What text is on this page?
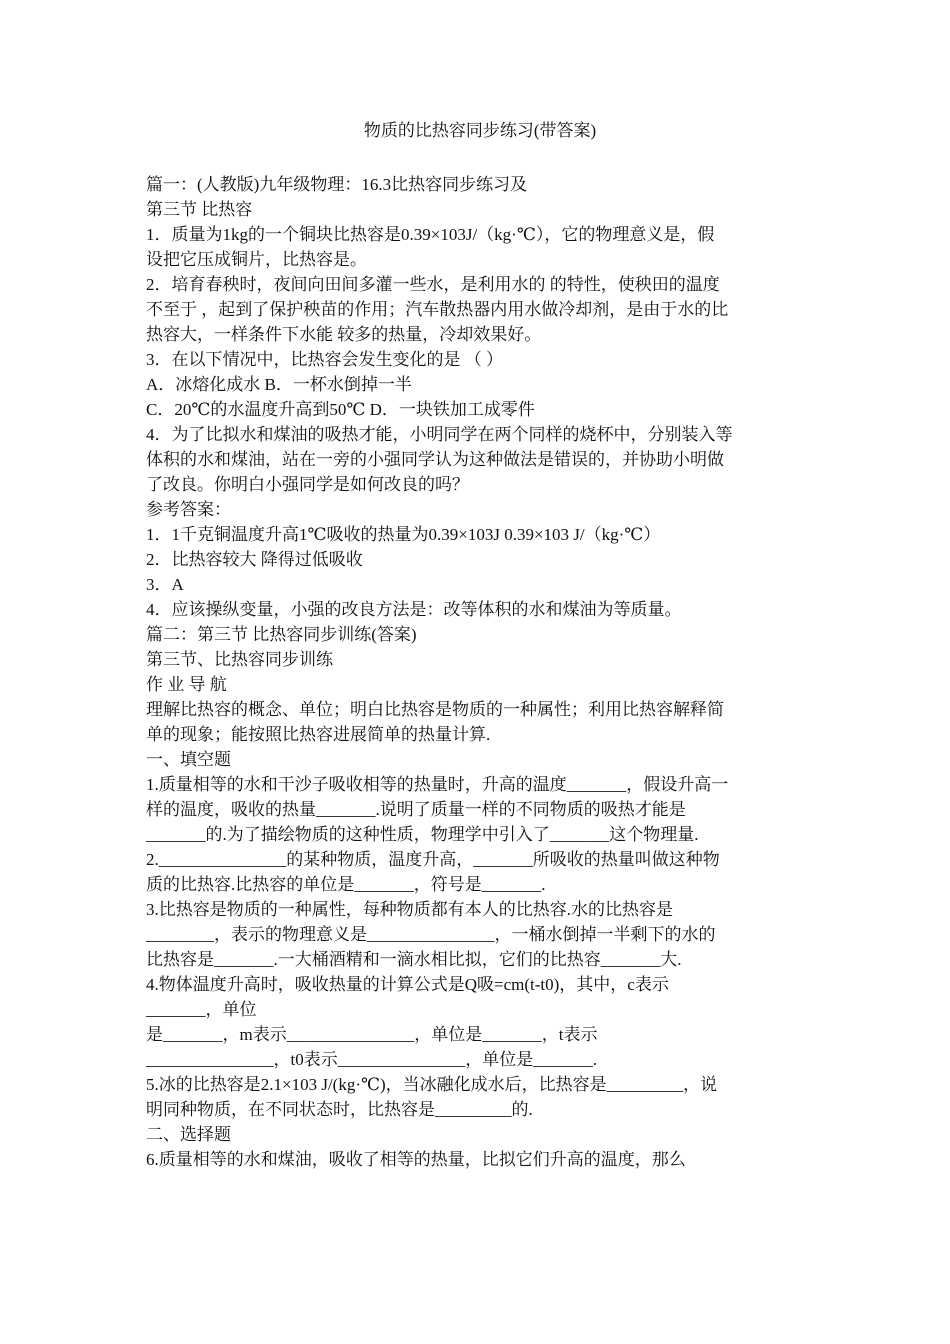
物质的比热容同步练习(带答案)
篇一：(人教版)九年级物理：16.3比热容同步练习及
第三节 比热容
1．质量为1kg的一个铜块比热容是0.39×103J/（kg·℃），它的物理意义是，假
设把它压成铜片，比热容是。
2．培育春秧时，夜间向田间多灌一些水，是利用水的 的特性，使秧田的温度
不至于 ，起到了保护秧苗的作用；汽车散热器内用水做冷却剂，是由于水的比
热容大，一样条件下水能 较多的热量，冷却效果好。
3．在以下情况中，比热容会发生变化的是 （ ）
A．冰熔化成水 B．一杯水倒掉一半
C．20℃的水温度升高到50℃ D．一块铁加工成零件
4．为了比拟水和煤油的吸热才能，小明同学在两个同样的烧杯中，分别装入等
体积的水和煤油，站在一旁的小强同学认为这种做法是错误的，并协助小明做
了改良。你明白小强同学是如何改良的吗？
参考答案：
1．1千克铜温度升高1℃吸收的热量为0.39×103J 0.39×103 J/（kg·℃）
2．比热容较大 降得过低吸收
3．A
4．应该操纵变量，小强的改良方法是：改等体积的水和煤油为等质量。
篇二：第三节 比热容同步训练(答案)
第三节、比热容同步训练
作 业 导 航
理解比热容的概念、单位；明白比热容是物质的一种属性；利用比热容解释简
单的现象；能按照比热容进展简单的热量计算.
一、填空题
1.质量相等的水和干沙子吸收相等的热量时，升高的温度_______，假设升高一
样的温度，吸收的热量_______.说明了质量一样的不同物质的吸热才能是
_______的.为了描绘物质的这种性质，物理学中引入了_______这个物理量.
2._______________的某种物质，温度升高，_______所吸收的热量叫做这种物
质的比热容.比热容的单位是_______，符号是_______.
3.比热容是物质的一种属性，每种物质都有本人的比热容.水的比热容是
________，表示的物理意义是_______________，一桶水倒掉一半剩下的水的
比热容是_______.一大桶酒精和一滴水相比拟，它们的比热容_______大.
4.物体温度升高时，吸收热量的计算公式是Q吸=cm(t-t0)，其中，c表示
_______，单位
是_______，m表示_______________，单位是_______，t表示
_______________，t0表示_______________，单位是_______.
5.冰的比热容是2.1×103 J/(kg·℃)，当冰融化成水后，比热容是_________，说
明同种物质，在不同状态时，比热容是_________的.
二、选择题
6.质量相等的水和煤油，吸收了相等的热量，比拟它们升高的温度，那么
